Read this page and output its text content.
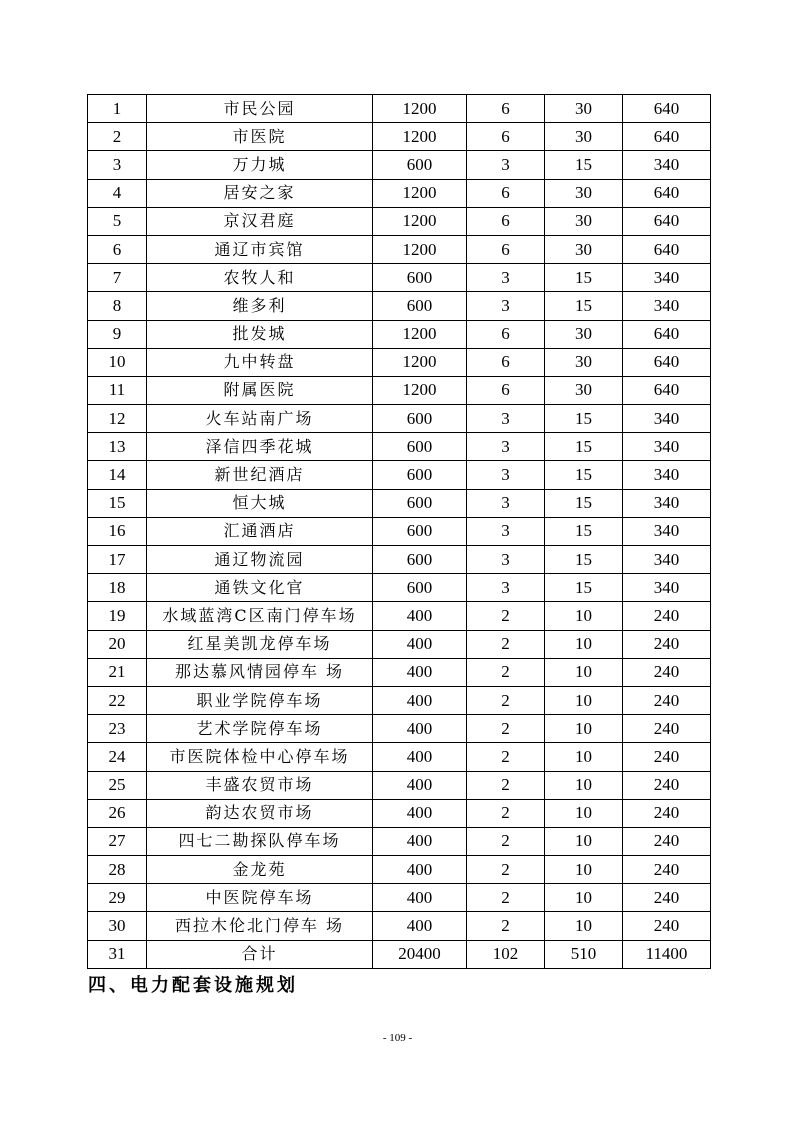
1	市民公园	1200	6	30	640
2	市医院	1200	6	30	640
3	万力城	600	3	15	340
4	居安之家	1200	6	30	640
5	京汉君庭	1200	6	30	640
6	通辽市宾馆	1200	6	30	640
7	农牧人和	600	3	15	340
8	维多利	600	3	15	340
9	批发城	1200	6	30	640
10	九中转盘	1200	6	30	640
11	附属医院	1200	6	30	640
12	火车站南广场	600	3	15	340
13	泽信四季花城	600	3	15	340
14	新世纪酒店	600	3	15	340
15	恒大城	600	3	15	340
16	汇通酒店	600	3	15	340
17	通辽物流园	600	3	15	340
18	通铁文化官	600	3	15	340
19	水域蓝湾C区南门停车场	400	2	10	240
20	红星美凯龙停车场	400	2	10	240
21	那达慕风情园停车 场	400	2	10	240
22	职业学院停车场	400	2	10	240
23	艺术学院停车场	400	2	10	240
24	市医院体检中心停车场	400	2	10	240
25	丰盛农贸市场	400	2	10	240
26	韵达农贸市场	400	2	10	240
27	四七二勘探队停车场	400	2	10	240
28	金龙苑	400	2	10	240
29	中医院停车场	400	2	10	240
30	西拉木伦北门停车 场	400	2	10	240
31	合计	20400	102	510	11400
四、电力配套设施规划
- 109 -
